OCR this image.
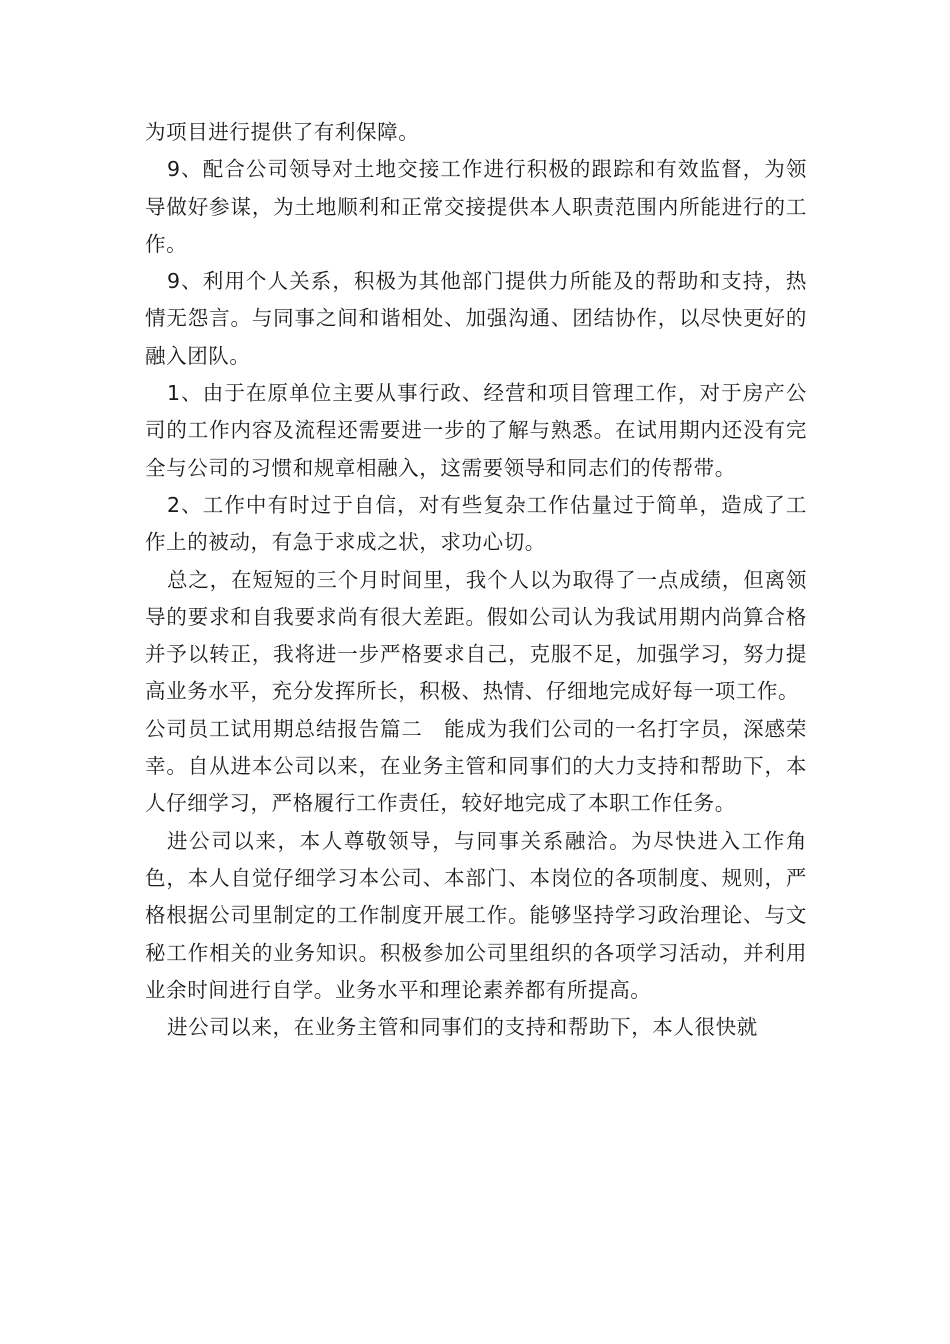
为项目进行提供了有利保障。

9、配合公司领导对土地交接工作进行积极的跟踪和有效监督，为领导做好参谋，为土地顺利和正常交接提供本人职责范围内所能进行的工作。

9、利用个人关系，积极为其他部门提供力所能及的帮助和支持，热情无怨言。与同事之间和谐相处、加强沟通、团结协作，以尽快更好的融入团队。

1、由于在原单位主要从事行政、经营和项目管理工作，对于房产公司的工作内容及流程还需要进一步的了解与熟悉。在试用期内还没有完全与公司的习惯和规章相融入，这需要领导和同志们的传帮带。

2、工作中有时过于自信，对有些复杂工作估量过于简单，造成了工作上的被动，有急于求成之状，求功心切。

总之，在短短的三个月时间里，我个人以为取得了一点成绩，但离领导的要求和自我要求尚有很大差距。假如公司认为我试用期内尚算合格并予以转正，我将进一步严格要求自己，克服不足，加强学习，努力提高业务水平，充分发挥所长，积极、热情、仔细地完成好每一项工作。

公司员工试用期总结报告篇二　能成为我们公司的一名打字员，深感荣幸。自从进本公司以来，在业务主管和同事们的大力支持和帮助下，本人仔细学习，严格履行工作责任，较好地完成了本职工作任务。

进公司以来，本人尊敬领导，与同事关系融洽。为尽快进入工作角色，本人自觉仔细学习本公司、本部门、本岗位的各项制度、规则，严格根据公司里制定的工作制度开展工作。能够坚持学习政治理论、与文秘工作相关的业务知识。积极参加公司里组织的各项学习活动，并利用业余时间进行自学。业务水平和理论素养都有所提高。

进公司以来，在业务主管和同事们的支持和帮助下，本人很快就
